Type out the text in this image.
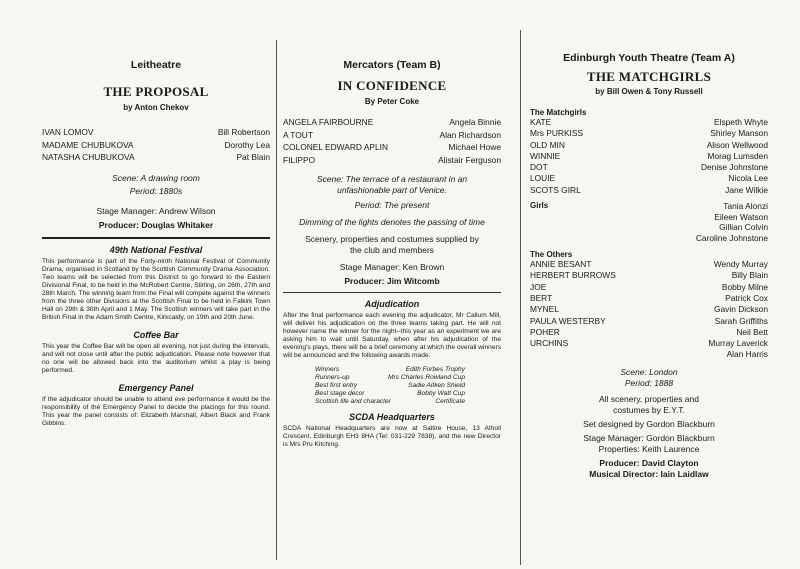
Leitheatre
THE PROPOSAL
by Anton Chekov
IVAN LOMOV	Bill Robertson
MADAME CHUBUKOVA	Dorothy Lea
NATASHA CHUBUKOVA	Pat Blain
Scene: A drawing room
Period: 1880s
Stage Manager: Andrew Wilson
Producer: Douglas Whitaker
49th National Festival
This performance is part of the Forty-ninth National Festival of Community Drama, organised in Scotland by the Scottish Community Drama Association. Two teams will be selected from this District to go forward to the Eastern Divisional Final, to be held in the McRobert Centre, Stirling, on 26th, 27th and 28th March. The winning team from the Final will compete against the winners from the three other Divisions at the Scottish Final to be held in Falkirk Town Hall on 29th & 30th April and 1 May. The Scottish winners will take part in the British Final in the Adam Smith Centre, Kirkcaldy, on 19th and 20th June.
Coffee Bar
This year the Coffee Bar will be open all evening, not just during the intervals, and will not close until after the public adjudication. Please note however that no one will be allowed back into the auditorium whilst a play is being performed.
Emergency Panel
If the adjudicator should be unable to attend eve performance it would be the responsibility of the Emergency Panel to decide the placings for this round. This year the panel consists of: Elizabeth Marshall, Albert Black and Frank Gibbins.
Mercators (Team B)
IN CONFIDENCE
By Peter Coke
ANGELA FAIRBOURNE	Angela Binnie
A TOUT	Alan Richardson
COLONEL EDWARD APLIN	Michael Howe
FILIPPO	Alistair Ferguson
Scene: The terrace of a restaurant in an unfashionable part of Venice.
Period: The present
Dimming of the lights denotes the passing of time
Scenery, properties and costumes supplied by the club and members
Stage Manager: Ken Brown
Producer: Jim Witcomb
Adjudication
After the final performance each evening the adjudicator, Mr Callum Mill, will deliver his adjudication on the three teams taking part. He will not however name the winner for the night--this year as an experiment we are asking him to wait until Saturday, when after his adjudication of the evening's plays, there will be a brief ceremony at which the overall winners will be announced and the following awards made:
Winners	Edith Forbes Trophy
Runners-up	Mrs Charles Rowland Cup
Best first entry	Sadie Aitken Shield
Best stage decor	Bobby Watt Cup
Scottish life and character	Certificate
SCDA Headquarters
SCDA National Headquarters are now at Saltire House, 13 Atholl Crescent, Edinburgh EH3 8HA (Tel: 031-229 7838), and the new Director is Mrs Pru Kitching.
Edinburgh Youth Theatre (Team A)
THE MATCHGIRLS
by Bill Owen & Tony Russell
The Matchgirls
KATE	Elspeth Whyte
Mrs PURKISS	Shirley Manson
OLD MIN	Alison Wellwood
WINNIE	Morag Lumsden
DOT	Denise Johnstone
LOUIE	Nicola Lee
SCOTS GIRL	Jane Wilkie
Girls	Tania Alonzi
Eileen Watson
Gillian Colvin
Caroline Johnstone
The Others
ANNIE BESANT	Wendy Murray
HERBERT BURROWS	Billy Blain
JOE	Bobby Milne
BERT	Patrick Cox
MYNEL	Gavin Dickson
PAULA WESTERBY	Sarah Griffiths
POHER	Neil Bett
URCHINS	Murray Laverick
Alan Harris
Scene: London
Period: 1888
All scenery, properties and costumes by E.Y.T.
Set designed by Gordon Blackburn
Stage Manager: Gordon Blackburn
Properties: Keith Laurence
Producer: David Clayton
Musical Director: Iain Laidlaw
